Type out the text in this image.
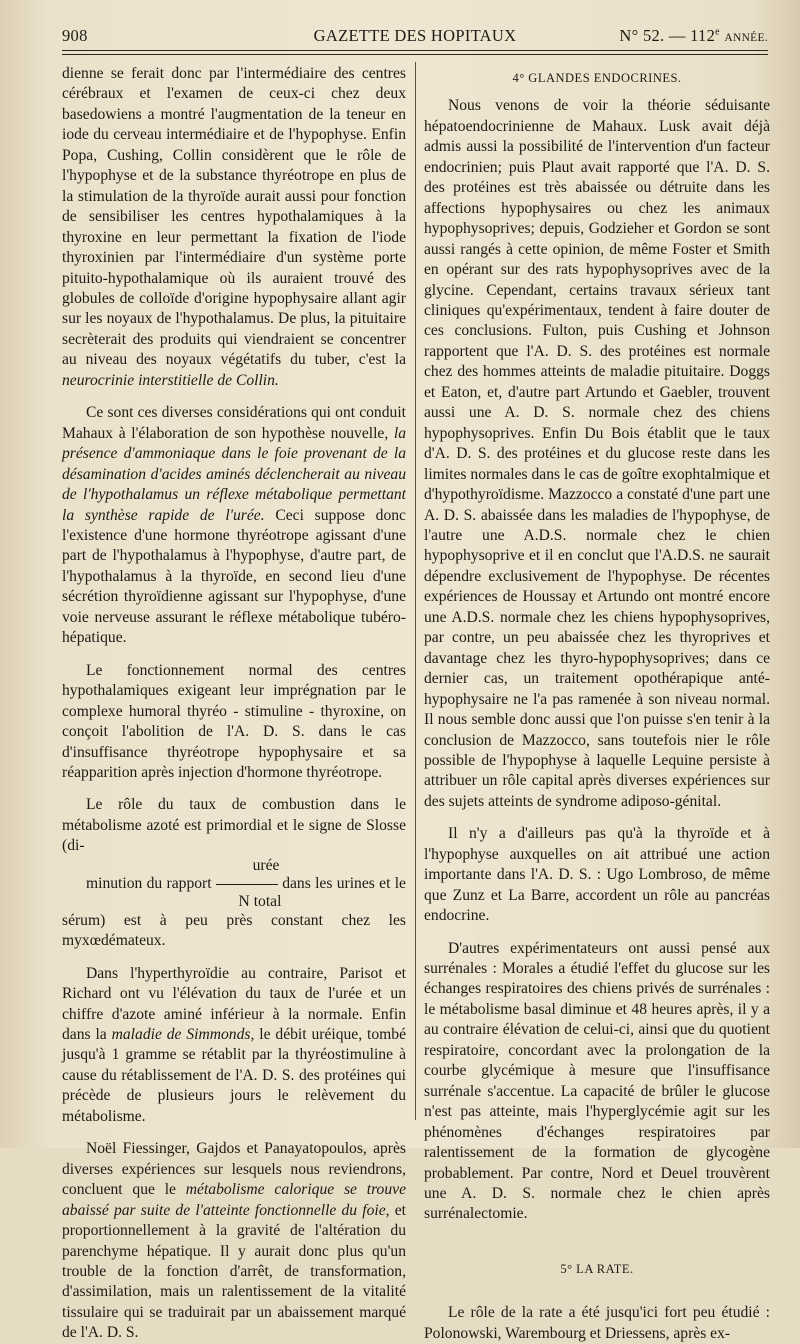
908	GAZETTE DES HOPITAUX	N° 52. — 112e ANNÉE.

dienne se ferait donc par l'intermédiaire des centres cérébraux et l'examen de ceux-ci chez deux basedowiens a montré l'augmentation de la teneur en iode du cerveau intermédiaire et de l'hypophyse. Enfin Popa, Cushing, Collin considèrent que le rôle de l'hypophyse et de la substance thyréotrope en plus de la stimulation de la thyroïde aurait aussi pour fonction de sensibiliser les centres hypothalamiques à la thyroxine en leur permettant la fixation de l'iode thyroxinien par l'intermédiaire d'un système porte pituito-hypothalamique où ils auraient trouvé des globules de colloïde d'origine hypophysaire allant agir sur les noyaux de l'hypothalamus. De plus, la pituitaire secrèterait des produits qui viendraient se concentrer au niveau des noyaux végétatifs du tuber, c'est la neurocrinie interstitielle de Collin.

Ce sont ces diverses considérations qui ont conduit Mahaux à l'élaboration de son hypothèse nouvelle, la présence d'ammoniaque dans le foie provenant de la désamination d'acides aminés déclencherait au niveau de l'hypothalamus un réflexe métabolique permettant la synthèse rapide de l'urée. Ceci suppose donc l'existence d'une hormone thyréotrope agissant d'une part de l'hypothalamus à l'hypophyse, d'autre part, de l'hypothalamus à la thyroïde, en second lieu d'une sécrétion thyroïdienne agissant sur l'hypophyse, d'une voie nerveuse assurant le réflexe métabolique tubéro-hépatique.

Le fonctionnement normal des centres hypothalamiques exigeant leur imprégnation par le complexe humoral thyréo - stimuline - thyroxine, on conçoit l'abolition de l'A. D. S. dans le cas d'insuffisance thyréotrope hypophysaire et sa réapparition après injection d'hormone thyréotrope.

Le rôle du taux de combustion dans le métabolisme azoté est primordial et le signe de Slosse (di-
urée
minution du rapport	dans les urines et le
N total
sérum) est à peu près constant chez les myxœdémateux.

Dans l'hyperthyroïdie au contraire, Parisot et Richard ont vu l'élévation du taux de l'urée et un chiffre d'azote aminé inférieur à la normale. Enfin dans la maladie de Simmonds, le débit uréique, tombé jusqu'à 1 gramme se rétablit par la thyréostimuline à cause du rétablissement de l'A. D. S. des protéines qui précède de plusieurs jours le relèvement du métabolisme.

Noël Fiessinger, Gajdos et Panayatopoulos, après diverses expériences sur lesquels nous reviendrons, concluent que le métabolisme calorique se trouve abaissé par suite de l'atteinte fonctionnelle du foie, et proportionnellement à la gravité de l'altération du parenchyme hépatique. Il y aurait donc plus qu'un trouble de la fonction d'arrêt, de transformation, d'assimilation, mais un ralentissement de la vitalité tissulaire qui se traduirait par un abaissement marqué de l'A. D. S.

4° GLANDES ENDOCRINES.

Nous venons de voir la théorie séduisante hépatoendocrinienne de Mahaux. Lusk avait déjà admis aussi la possibilité de l'intervention d'un facteur endocrinien; puis Plaut avait rapporté que l'A. D. S. des protéines est très abaissée ou détruite dans les affections hypophysaires ou chez les animaux hypophysoprives; depuis, Godzieher et Gordon se sont aussi rangés à cette opinion, de même Foster et Smith en opérant sur des rats hypophysoprives avec de la glycine. Cependant, certains travaux sérieux tant cliniques qu'expérimentaux, tendent à faire douter de ces conclusions. Fulton, puis Cushing et Johnson rapportent que l'A. D. S. des protéines est normale chez des hommes atteints de maladie pituitaire. Doggs et Eaton, et, d'autre part Artundo et Gaebler, trouvent aussi une A. D. S. normale chez des chiens hypophysoprives. Enfin Du Bois établit que le taux d'A. D. S. des protéines et du glucose reste dans les limites normales dans le cas de goître exophtalmique et d'hypothyroïdisme. Mazzocco a constaté d'une part une A. D. S. abaissée dans les maladies de l'hypophyse, de l'autre une A.D.S. normale chez le chien hypophysoprive et il en conclut que l'A.D.S. ne saurait dépendre exclusivement de l'hypophyse. De récentes expériences de Houssay et Artundo ont montré encore une A.D.S. normale chez les chiens hypophysoprives, par contre, un peu abaissée chez les thyroprives et davantage chez les thyro-hypophysoprives; dans ce dernier cas, un traitement opothérapique anté-hypophysaire ne l'a pas ramenée à son niveau normal. Il nous semble donc aussi que l'on puisse s'en tenir à la conclusion de Mazzocco, sans toutefois nier le rôle possible de l'hypophyse à laquelle Lequine persiste à attribuer un rôle capital après diverses expériences sur des sujets atteints de syndrome adiposo-génital.

Il n'y a d'ailleurs pas qu'à la thyroïde et à l'hypophyse auxquelles on ait attribué une action importante dans l'A. D. S. : Ugo Lombroso, de même que Zunz et La Barre, accordent un rôle au pancréas endocrine.

D'autres expérimentateurs ont aussi pensé aux surrénales : Morales a étudié l'effet du glucose sur les échanges respiratoires des chiens privés de surrénales : le métabolisme basal diminue et 48 heures après, il y a au contraire élévation de celui-ci, ainsi que du quotient respiratoire, concordant avec la prolongation de la courbe glycémique à mesure que l'insuffisance surrénale s'accentue. La capacité de brûler le glucose n'est pas atteinte, mais l'hyperglycémie agit sur les phénomènes d'échanges respiratoires par ralentissement de la formation de glycogène probablement. Par contre, Nord et Deuel trouvèrent une A. D. S. normale chez le chien après surrénalectomie.

5° LA RATE.

Le rôle de la rate a été jusqu'ici fort peu étudié : Polonowski, Warembourg et Driessens, après ex-
